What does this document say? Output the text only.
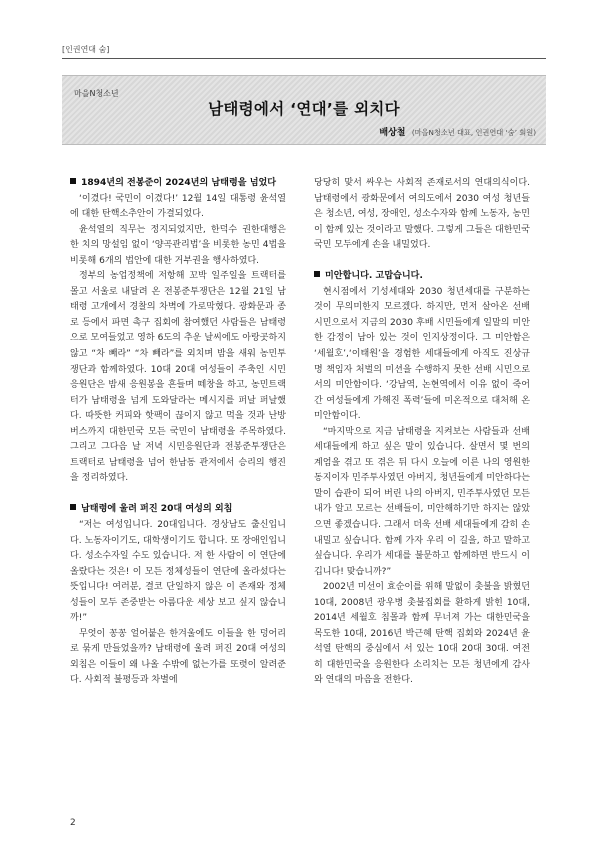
[인권연대 숨]
마을N청소년
남태령에서 ‘연대’를 외치다
배상철 (마을N청소년 대표, 인권연대 ‘숨’ 회원)
1894년의 전봉준이 2024년의 남태령을 넘었다

‘이겼다! 국민이 이겼다!’ 12월 14일 대통령 윤석열에 대한 탄핵소추안이 가결되었다.

윤석열의 직무는 정지되었지만, 한덕수 권한대행은 한 치의 망설임 없이 ‘양곡관리법’을 비롯한 농민 4법을 비롯해 6개의 법안에 대한 거부권을 행사하였다.

정부의 농업정책에 저항해 꼬박 일주일을 트랙터를 몰고 서울로 내달려 온 전봉준투쟁단은 12월 21일 남태령 고개에서 경찰의 차벽에 가로막혔다. 광화문과 종로 등에서 파면 촉구 집회에 참여했던 사람들은 남태령으로 모여들었고 영하 6도의 추운 날씨에도 아랑곳하지 않고 “차 빼라” “차 빼라”를 외치며 밤을 새워 농민투쟁단과 함께하였다. 10대 20대 여성들이 주축인 시민응원단은 밤새 응원봉을 흔들며 떼창을 하고, 농민트랙터가 남태령을 넘게 도와달라는 메시지를 퍼날 퍼날했다. 따뜻한 커피와 핫팩이 끊이지 않고 먹을 것과 난방 버스까지 대한민국 모든 국민이 남태령을 주목하였다. 그리고 그다음 날 저녁 시민응원단과 전봉준투쟁단은 트랙터로 남태령을 넘어 한남동 관저에서 승리의 행진을 정리하였다.

남태령에 울려 퍼진 20대 여성의 외침

“저는 여성입니다. 20대입니다. 경상남도 출신입니다. 노동자이기도, 대학생이기도 합니다. 또 장애인입니다. 성소수자일 수도 있습니다. 저 한 사람이 이 연단에 올랐다는 것은! 이 모든 정체성들이 연단에 올라섰다는 뜻입니다! 여러분, 결코 단일하지 않은 이 존재와 정체성들이 모두 존중받는 아름다운 세상 보고 싶지 않습니까!”

무엇이 꽁꽁 얼어붙은 한겨울에도 이들을 한 덩어리로 묶게 만들었을까? 남태령에 울려 퍼진 20대 여성의 외침은 이들이 왜 나올 수밖에 없는가를 또렷이 알려준다. 사회적 불평등과 차별에

당당히 맞서 싸우는 사회적 존재로서의 연대의식이다. 남태령에서 광화문에서 여의도에서 2030 여성 청년들은 청소년, 여성, 장애인, 성소수자와 함께 노동자, 농민이 함께 있는 것이라고 말했다. 그렇게 그들은 대한민국 국민 모두에게 손을 내밀었다.

미안합니다. 고맙습니다.

현시점에서 기성세대와 2030 청년세대를 구분하는 것이 무의미한지 모르겠다. 하지만, 먼저 살아온 선배 시민으로서 지금의 2030 후배 시민들에게 일말의 미안한 감정이 남아 있는 것이 인지상정이다. 그 미안함은 ‘세월호’,‘이태원’을 경험한 세대들에게 아직도 진상규명 책임자 처벌의 미션을 수행하지 못한 선배 시민으로서의 미안함이다. ‘강남역, 논현역에서 이유 없이 죽어간 여성들에게 가해진 폭력’들에 미온적으로 대처해 온 미안함이다.

“마지막으로 지금 남태령을 지켜보는 사람들과 선배 세대들에게 하고 싶은 말이 있습니다. 살면서 몇 번의 계엄을 겪고 또 겪은 뒤 다시 오늘에 이른 나의 영원한 동지이자 민주투사였던 아버지, 청년들에게 미안하다는 말이 습관이 되어 버린 나의 아버지, 민주투사였던 모든 내가 알고 모르는 선배들이, 미안해하기만 하지는 않았으면 좋겠습니다. 그래서 더욱 선배 세대들에게 감히 손 내밀고 싶습니다. 함께 가자 우리 이 길을, 하고 말하고 싶습니다. 우리가 세대를 불문하고 함께하면 반드시 이깁니다! 맞습니까?”

2002년 미선이 효순이를 위해 말없이 촛불을 밝혔던 10대, 2008년 광우병 촛불집회를 환하게 밝힌 10대, 2014년 세월호 침몰과 함께 무너져 가는 대한민국을 목도한 10대, 2016년 박근혜 탄핵 집회와 2024년 윤석열 탄핵의 중심에서 서 있는 10대 20대 30대. 여전히 대한민국을 응원한다 소리치는 모든 청년에게 감사와 연대의 마음을 전한다.

2
